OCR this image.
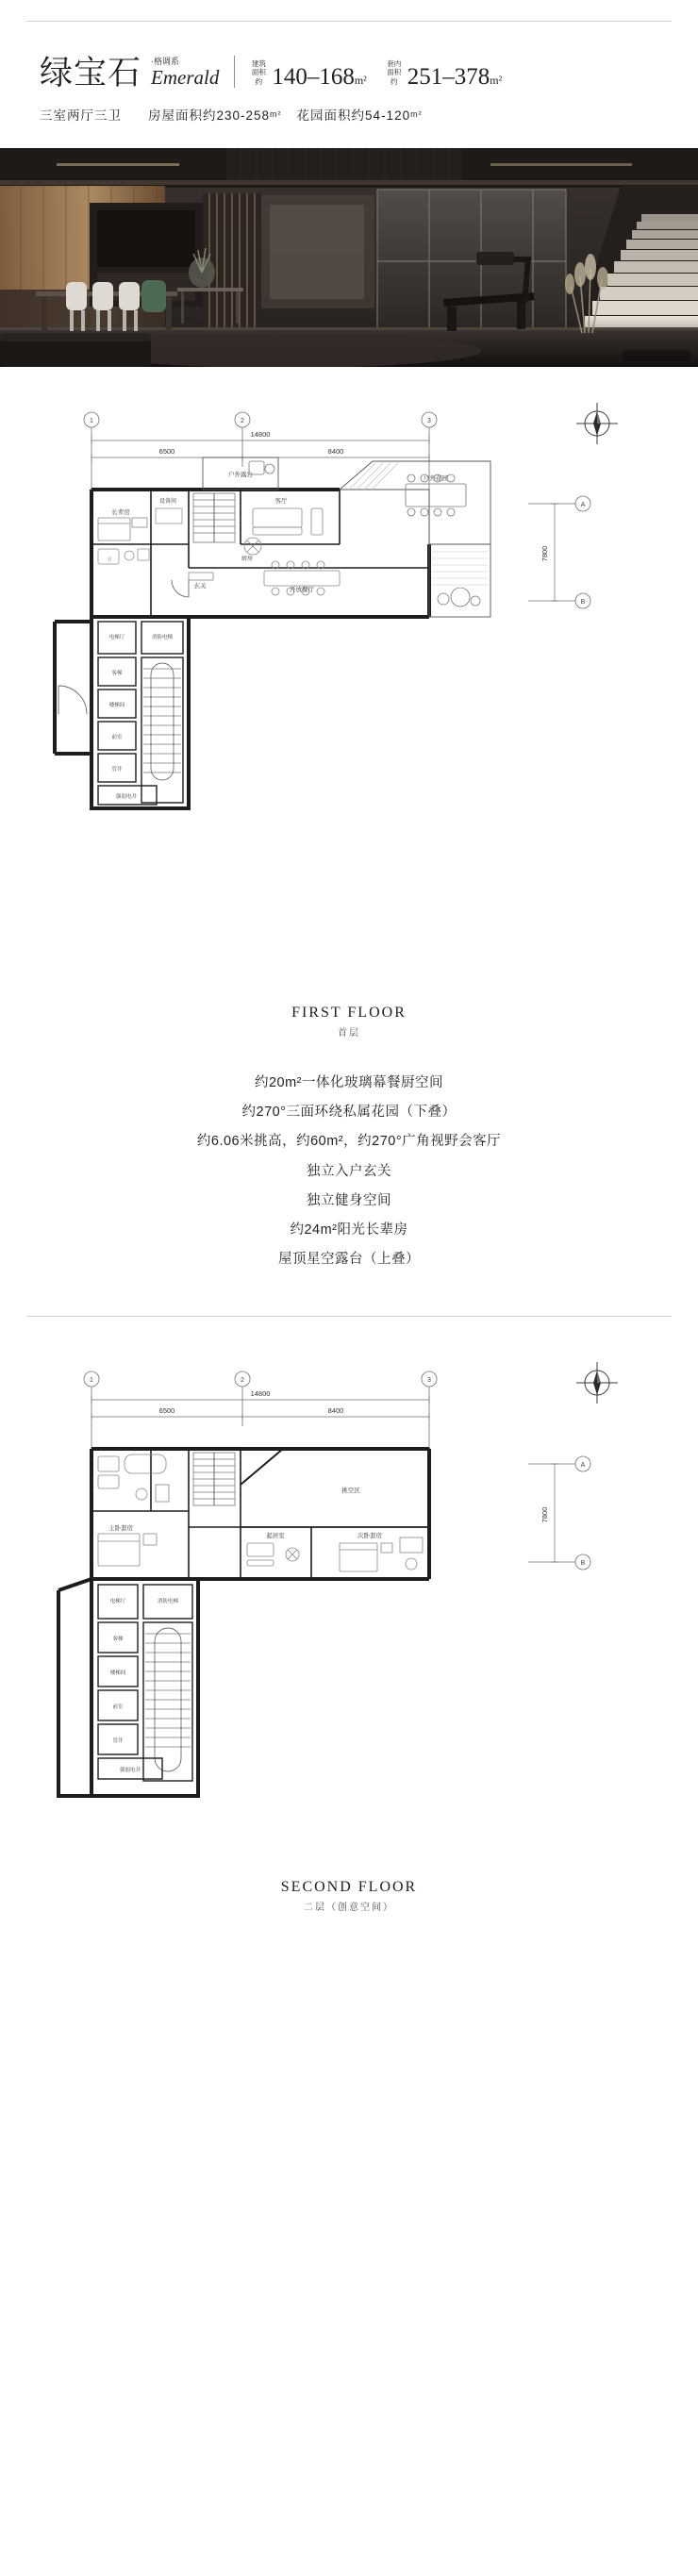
绿宝石 ·格调系
Emerald
建筑
面积约 140–168m²
套内
面积约 251–378m²
三室两厅三卫 房屋面积约230-258 m² 花园面积约54-120 m²
1	2	3
A
B
14800
6500	8400
7800
户外露台
户外花园
长辈房
设备间
卫
客厅
厨房
玄关
开放餐厅
电梯厅	消防电梯
客梯
楼梯间
前室
管井
强弱电井
FIRST FLOOR
首层
约20m²一体化玻璃幕餐厨空间
约270°三面环绕私属花园（下叠）
约6.06米挑高，约60m²，约270°广角视野会客厅
独立入户玄关
独立健身空间
约24m²阳光长辈房
屋顶星空露台（上叠）
1	2	3
A
B
14800
6500	8400
7800
挑空区
主卧套房
起居室	次卧套房
电梯厅	消防电梯
客梯
楼梯间
前室
管井
强弱电井
SECOND FLOOR
二层（创意空间）
